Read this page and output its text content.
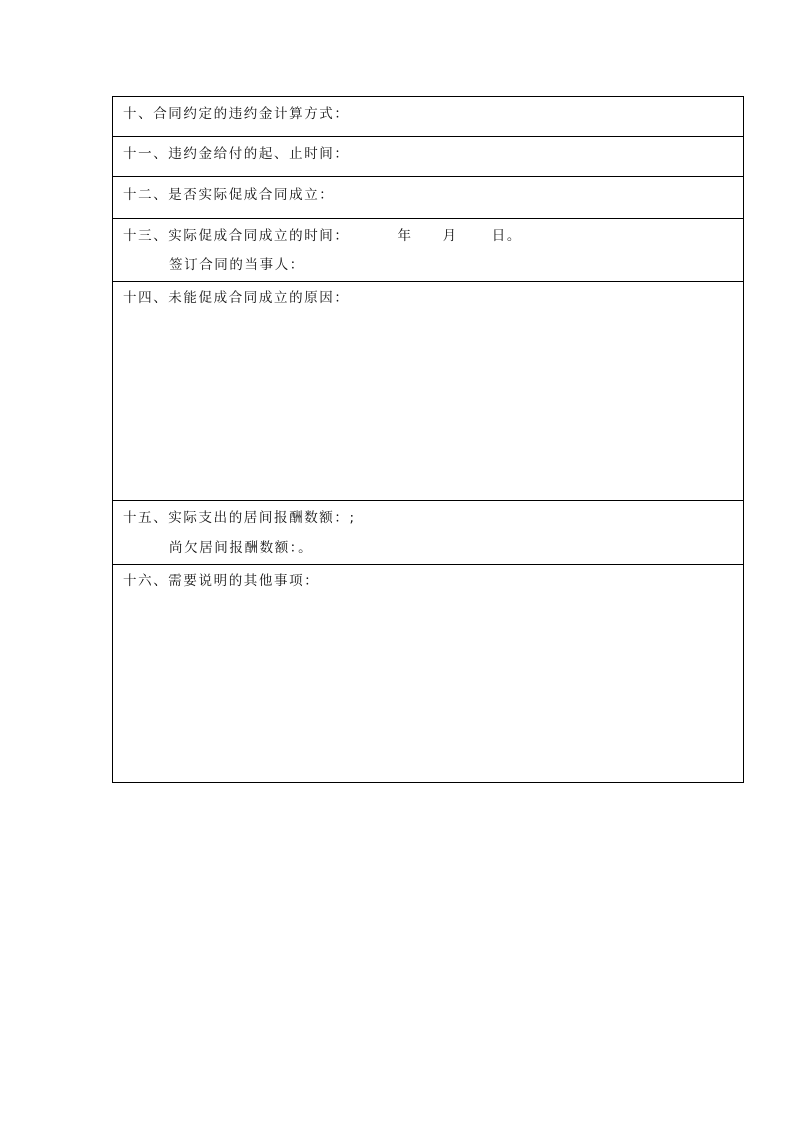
十、合同约定的违约金计算方式：
十一、违约金给付的起、止时间：
十二、是否实际促成合同成立：
十三、实际促成合同成立的时间：	年 月	日。
签订合同的当事人：
十四、未能促成合同成立的原因：
十五、实际支出的居间报酬数额：;
尚欠居间报酬数额：。
十六、需要说明的其他事项：
